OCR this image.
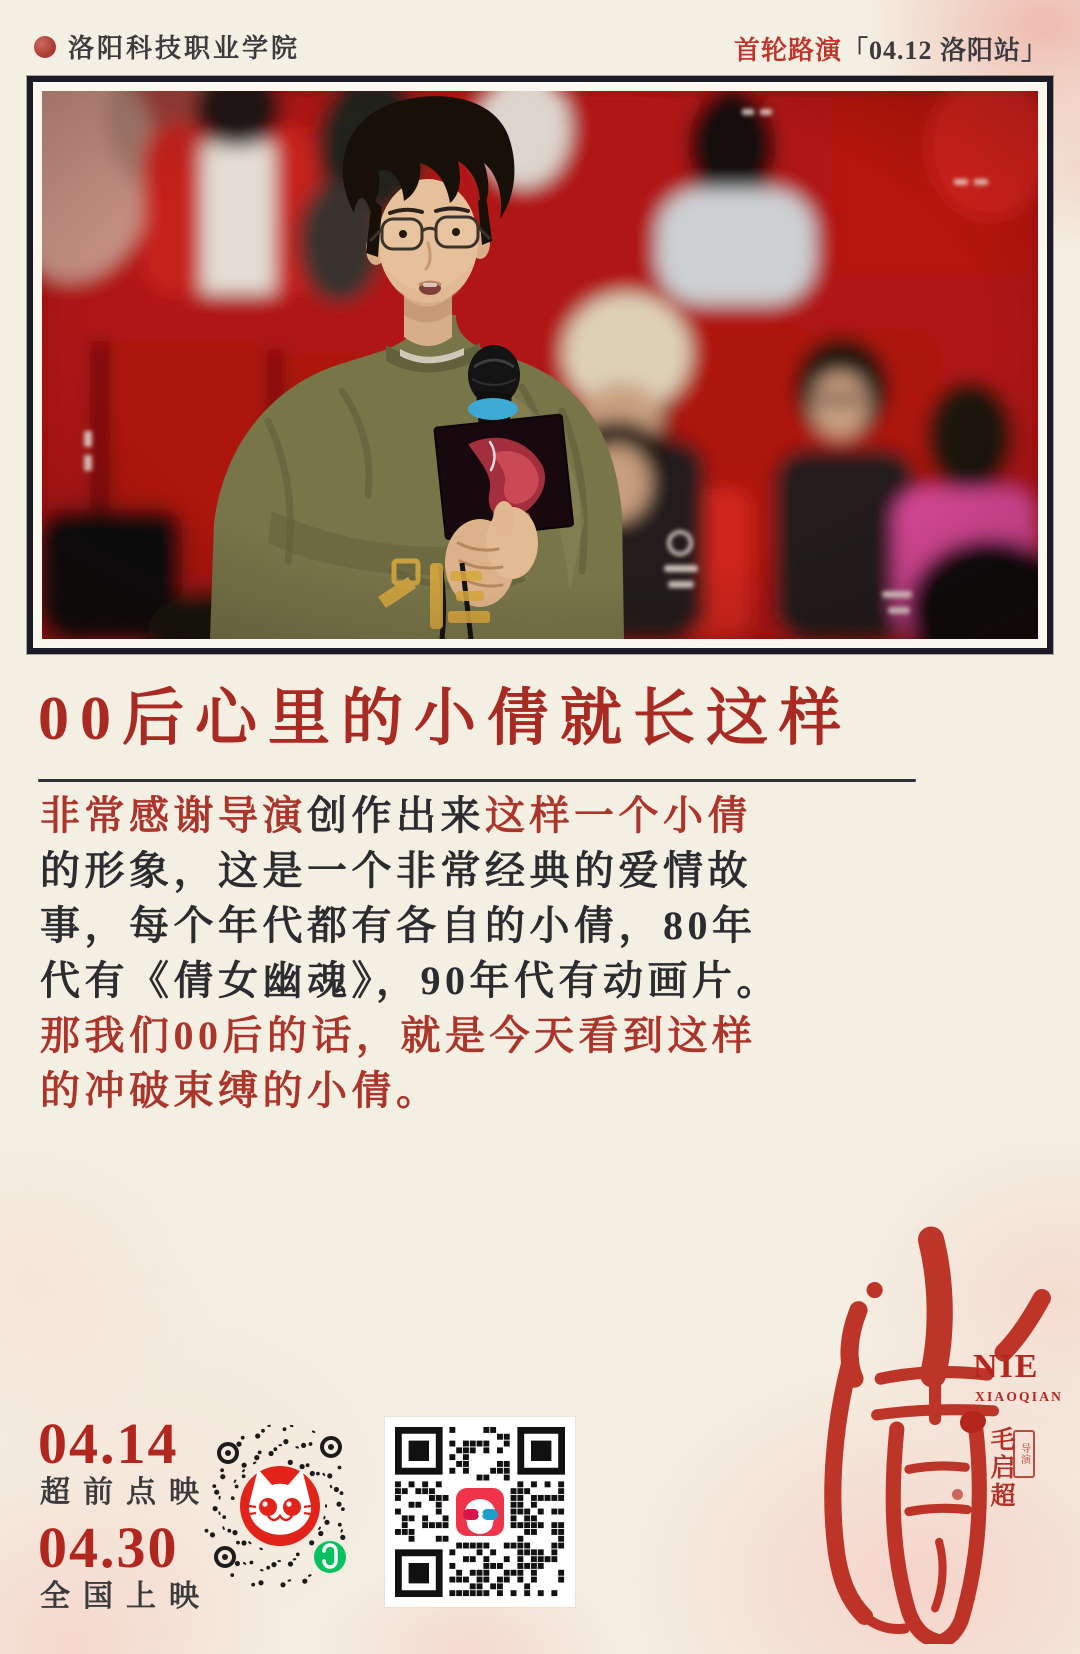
洛阳科技职业学院	首轮路演「04.12 洛阳站」
00后心里的小倩就长这样
非常感谢导演创作出来这样一个小倩
的形象，这是一个非常经典的爱情故
事，每个年代都有各自的小倩，80年
代有《倩女幽魂》，90年代有动画片。
那我们00后的话，就是今天看到这样
的冲破束缚的小倩。
04.14
超前点映
04.30
全国上映
NIE
XIAOQIAN
毛启超 导演
